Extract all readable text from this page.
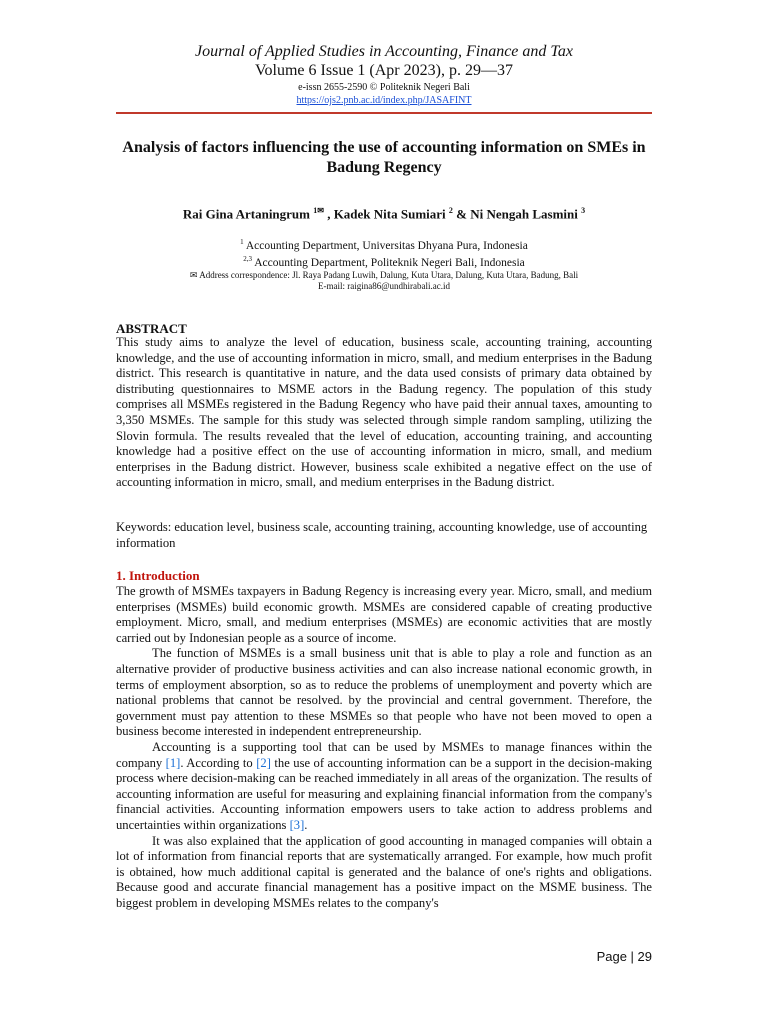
Journal of Applied Studies in Accounting, Finance and Tax
Volume 6 Issue 1 (Apr 2023), p. 29—37
e-issn 2655-2590 © Politeknik Negeri Bali
https://ojs2.pnb.ac.id/index.php/JASAFINT
Analysis of factors influencing the use of accounting information on SMEs in Badung Regency
Rai Gina Artaningrum $^{1✉}$ , Kadek Nita Sumiari $^2$ & Ni Nengah Lasmini $^3$
$^1$ Accounting Department, Universitas Dhyana Pura, Indonesia
$^{2,3}$ Accounting Department, Politeknik Negeri Bali, Indonesia
✉ Address correspondence: Jl. Raya Padang Luwih, Dalung, Kuta Utara, Dalung, Kuta Utara, Badung, Bali
E-mail: raigina86@undhirabali.ac.id
ABSTRACT
This study aims to analyze the level of education, business scale, accounting training, accounting knowledge, and the use of accounting information in micro, small, and medium enterprises in the Badung district. This research is quantitative in nature, and the data used consists of primary data obtained by distributing questionnaires to MSME actors in the Badung regency. The population of this study comprises all MSMEs registered in the Badung Regency who have paid their annual taxes, amounting to 3,350 MSMEs. The sample for this study was selected through simple random sampling, utilizing the Slovin formula. The results revealed that the level of education, accounting training, and accounting knowledge had a positive effect on the use of accounting information in micro, small, and medium enterprises in the Badung district. However, business scale exhibited a negative effect on the use of accounting information in micro, small, and medium enterprises in the Badung district.
Keywords: education level, business scale, accounting training, accounting knowledge, use of accounting information
1. Introduction

The growth of MSMEs taxpayers in Badung Regency is increasing every year. Micro, small, and medium enterprises (MSMEs) build economic growth. MSMEs are considered capable of creating productive employment. Micro, small, and medium enterprises (MSMEs) are economic activities that are mostly carried out by Indonesian people as a source of income.

The function of MSMEs is a small business unit that is able to play a role and function as an alternative provider of productive business activities and can also increase national economic growth, in terms of employment absorption, so as to reduce the problems of unemployment and poverty which are national problems that cannot be resolved. by the provincial and central government. Therefore, the government must pay attention to these MSMEs so that people who have not been moved to open a business become interested in independent entrepreneurship.

Accounting is a supporting tool that can be used by MSMEs to manage finances within the company [1]. According to [2] the use of accounting information can be a support in the decision-making process where decision-making can be reached immediately in all areas of the organization. The results of accounting information are useful for measuring and explaining financial information from the company's financial activities. Accounting information empowers users to take action to address problems and uncertainties within organizations [3].

It was also explained that the application of good accounting in managed companies will obtain a lot of information from financial reports that are systematically arranged. For example, how much profit is obtained, how much additional capital is generated and the balance of one's rights and obligations. Because good and accurate financial management has a positive impact on the MSME business. The biggest problem in developing MSMEs relates to the company's

Page | 29
